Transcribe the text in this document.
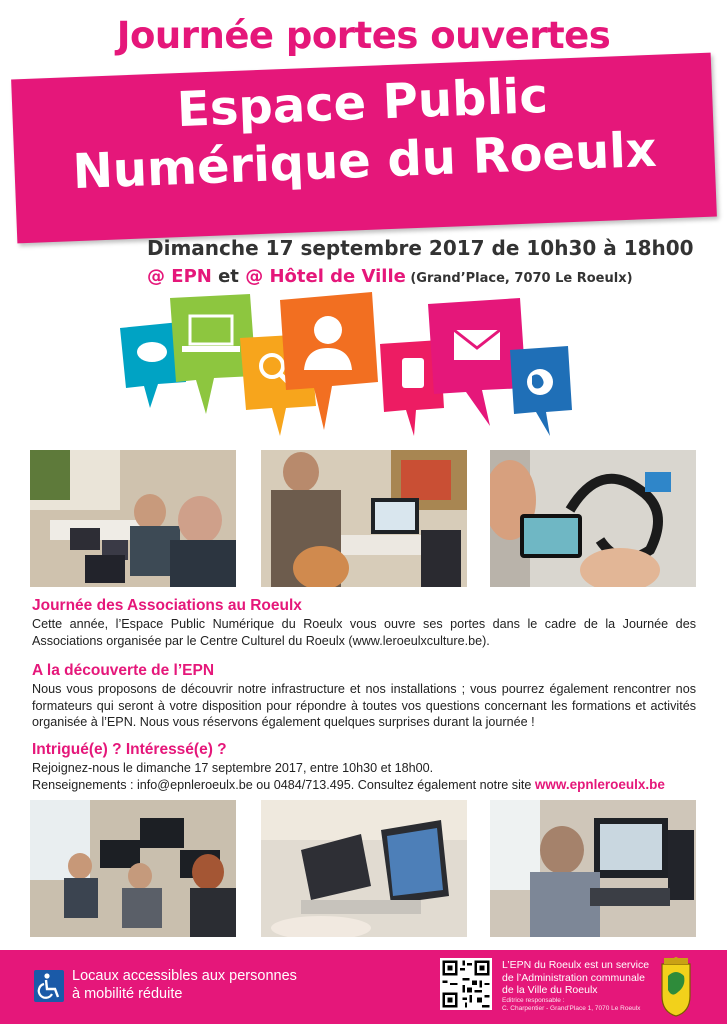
Journée portes ouvertes
Espace Public
Numérique du Roeulx
Dimanche 17 septembre 2017 de 10h30 à 18h00
@ EPN et @ Hôtel de Ville (Grand’Place, 7070 Le Roeulx)
Journée des Associations au Roeulx

Cette année, l’Espace Public Numérique du Roeulx vous ouvre ses portes dans le cadre de la Journée des Associations organisée par le Centre Culturel du Roeulx (www.leroeulxculture.be).

A la découverte de l’EPN

Nous vous proposons de découvrir notre infrastructure et nos installations ; vous pourrez également rencontrer nos formateurs qui seront à votre disposition pour répondre à toutes vos questions concernant les formations et activités organisée à l’EPN. Nous vous réservons également quelques surprises durant la journée !

Intrigué(e) ? Intéressé(e) ?

Rejoignez-nous le dimanche 17 septembre 2017, entre 10h30 et 18h00.

Renseignements : info@epnleroeulx.be ou 0484/713.495. Consultez également notre site www.epnleroeulx.be

Locaux accessibles aux personnes
à mobilité réduite
L’EPN du Roeulx est un service
de l’Administration communale
de la Ville du Roeulx
Editrice responsable :
C. Charpentier - Grand’Place 1, 7070 Le Roeulx
